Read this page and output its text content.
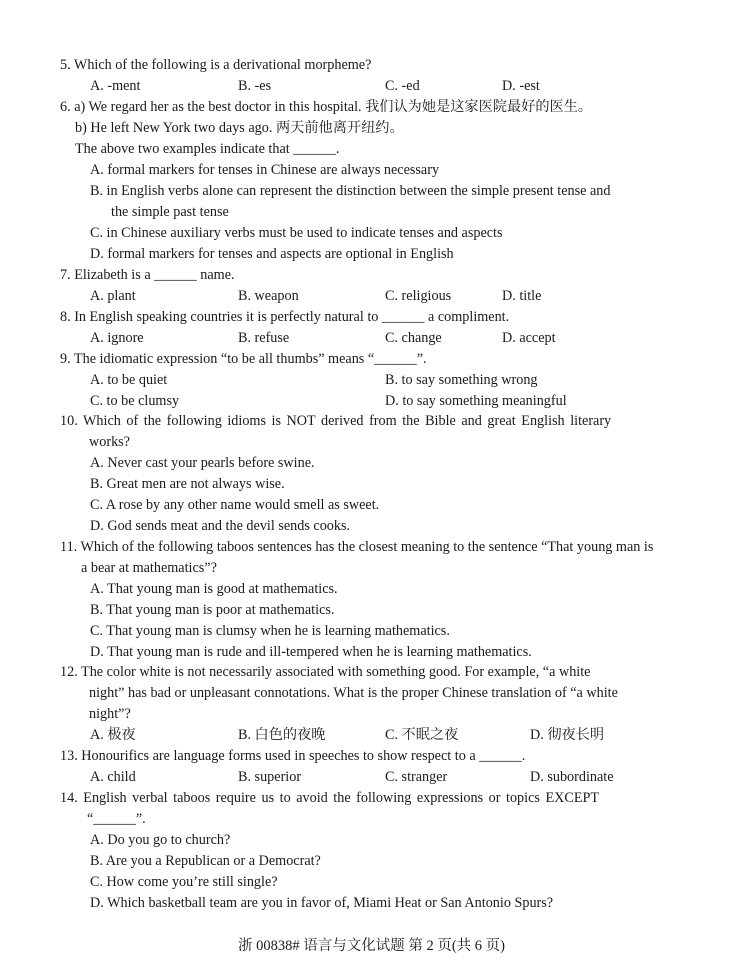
5. Which of the following is a derivational morpheme?
A. -ment	B. -es	C. -ed	D. -est
6. a) We regard her as the best doctor in this hospital. 我们认为她是这家医院最好的医生。
b) He left New York two days ago. 两天前他离开纽约。
The above two examples indicate that ______.
A. formal markers for tenses in Chinese are always necessary
B. in English verbs alone can represent the distinction between the simple present tense and
the simple past tense
C. in Chinese auxiliary verbs must be used to indicate tenses and aspects
D. formal markers for tenses and aspects are optional in English
7. Elizabeth is a ______ name.
A. plant	B. weapon	C. religious	D. title
8. In English speaking countries it is perfectly natural to ______ a compliment.
A. ignore	B. refuse	C. change	D. accept
9. The idiomatic expression “to be all thumbs” means “______”.
A. to be quiet	B. to say something wrong
C. to be clumsy	D. to say something meaningful
10. Which of the following idioms is NOT derived from the Bible and great English literary
works?
A. Never cast your pearls before swine.
B. Great men are not always wise.
C. A rose by any other name would smell as sweet.
D. God sends meat and the devil sends cooks.
11. Which of the following taboos sentences has the closest meaning to the sentence “That young man is
a bear at mathematics”?
A. That young man is good at mathematics.
B. That young man is poor at mathematics.
C. That young man is clumsy when he is learning mathematics.
D. That young man is rude and ill-tempered when he is learning mathematics.
12. The color white is not necessarily associated with something good. For example, “a white
night” has bad or unpleasant connotations. What is the proper Chinese translation of “a white
night”?
A. 极夜	B. 白色的夜晚	C. 不眠之夜	D. 彻夜长明
13. Honourifics are language forms used in speeches to show respect to a ______.
A. child	B. superior	C. stranger	D. subordinate
14. English verbal taboos require us to avoid the following expressions or topics EXCEPT
“______”.
A. Do you go to church?
B. Are you a Republican or a Democrat?
C. How come you’re still single?
D. Which basketball team are you in favor of, Miami Heat or San Antonio Spurs?
浙 00838# 语言与文化试题 第 2 页(共 6 页)
